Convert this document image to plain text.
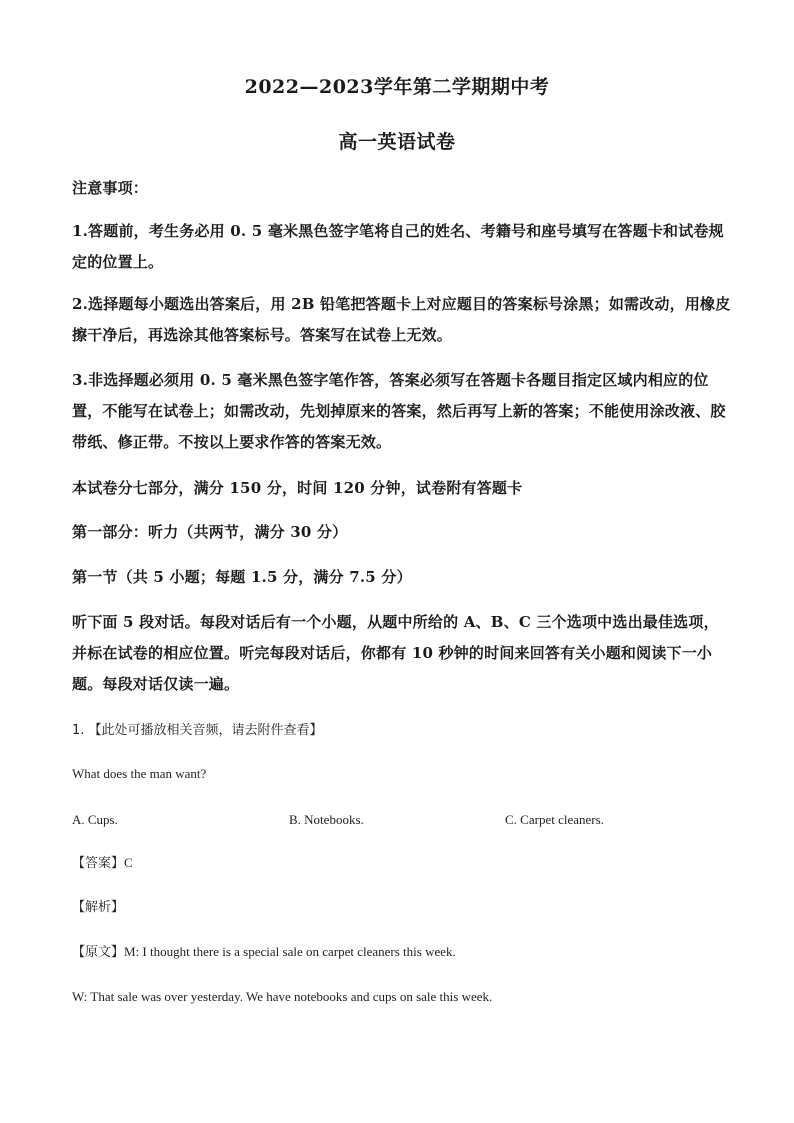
2022—2023学年第二学期期中考
高一英语试卷
注意事项：
1.答题前，考生务必用 0. 5 毫米黑色签字笔将自己的姓名、考籍号和座号填写在答题卡和试卷规定的位置上。
2.选择题每小题选出答案后，用 2B 铅笔把答题卡上对应题目的答案标号涂黑；如需改动，用橡皮擦干净后，再选涂其他答案标号。答案写在试卷上无效。
3.非选择题必须用 0. 5 毫米黑色签字笔作答，答案必须写在答题卡各题目指定区域内相应的位置，不能写在试卷上；如需改动，先划掉原来的答案，然后再写上新的答案；不能使用涂改液、胶带纸、修正带。不按以上要求作答的答案无效。
本试卷分七部分，满分 150 分，时间 120 分钟，试卷附有答题卡
第一部分：听力（共两节，满分 30 分）
第一节（共 5 小题；每题 1.5 分，满分 7.5 分）
听下面 5 段对话。每段对话后有一个小题，从题中所给的 A、B、C 三个选项中选出最佳选项，并标在试卷的相应位置。听完每段对话后，你都有 10 秒钟的时间来回答有关小题和阅读下一小题。每段对话仅读一遍。
1. 【此处可播放相关音频，请去附件查看】
What does the man want?
A. Cups.	B. Notebooks.	C. Carpet cleaners.
【答案】C
【解析】
【原文】M: I thought there is a special sale on carpet cleaners this week.
W: That sale was over yesterday. We have notebooks and cups on sale this week.
